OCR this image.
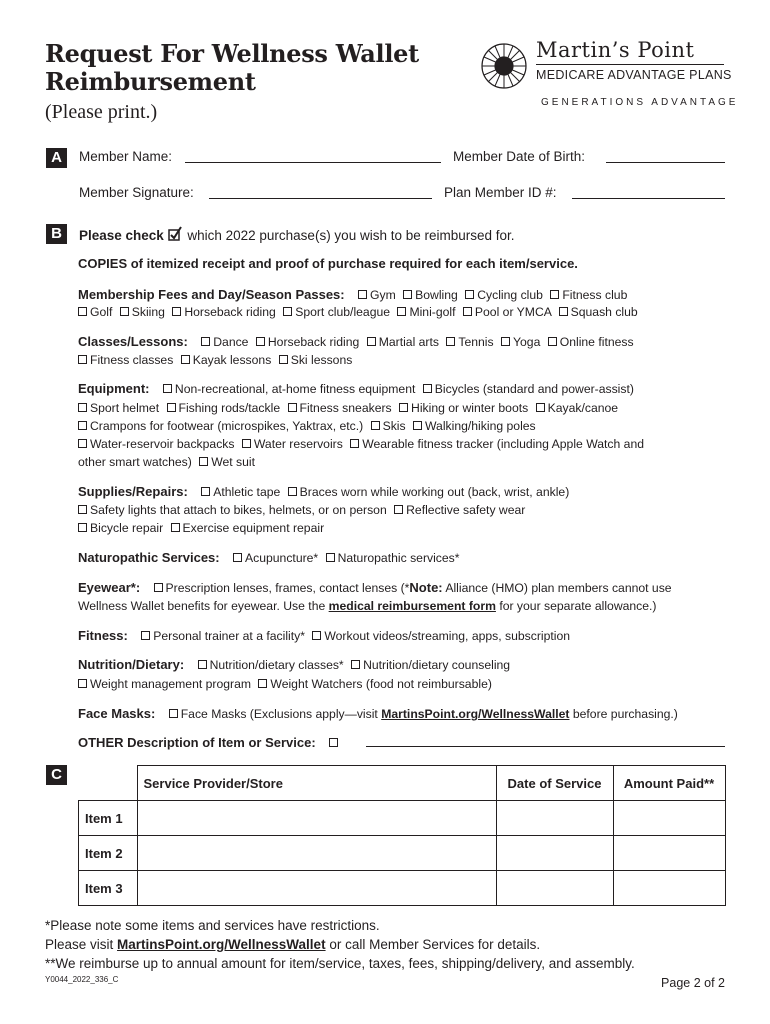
Request For Wellness Wallet
Reimbursement
(Please print.)
Martin’s Point
MEDICARE ADVANTAGE PLANS
GENERATIONS ADVANTAGE
A	Member Name:	Member Date of Birth:
Member Signature:	Plan Member ID #:
B	Please check which 2022 purchase(s) you wish to be reimbursed for.
COPIES of itemized receipt and proof of purchase required for each item/service.
Membership Fees and Day/Season Passes: Gym Bowling Cycling club Fitness club
Golf Skiing Horseback riding Sport club/league Mini-golf Pool or YMCA Squash club
Classes/Lessons: Dance Horseback riding Martial arts Tennis Yoga Online fitness
Fitness classes Kayak lessons Ski lessons
Equipment: Non-recreational, at-home fitness equipment Bicycles (standard and power-assist)
Sport helmet Fishing rods/tackle Fitness sneakers Hiking or winter boots Kayak/canoe
Crampons for footwear (microspikes, Yaktrax, etc.) Skis Walking/hiking poles
Water-reservoir backpacks Water reservoirs Wearable fitness tracker (including Apple Watch and
other smart watches) Wet suit
Supplies/Repairs: Athletic tape Braces worn while working out (back, wrist, ankle)
Safety lights that attach to bikes, helmets, or on person Reflective safety wear
Bicycle repair Exercise equipment repair
Naturopathic Services: Acupuncture* Naturopathic services*
Eyewear*: Prescription lenses, frames, contact lenses (*Note: Alliance (HMO) plan members cannot use
Wellness Wallet benefits for eyewear. Use the medical reimbursement form for your separate allowance.)
Fitness: Personal trainer at a facility* Workout videos/streaming, apps, subscription
Nutrition/Dietary: Nutrition/dietary classes* Nutrition/dietary counseling
Weight management program Weight Watchers (food not reimbursable)
Face Masks: Face Masks (Exclusions apply—visit MartinsPoint.org/WellnessWallet before purchasing.)
OTHER Description of Item or Service:
C
		Service Provider/Store	Date of Service	Amount Paid**
Item 1			
Item 2			
Item 3			
*Please note some items and services have restrictions.
Please visit MartinsPoint.org/WellnessWallet or call Member Services for details.
**We reimburse up to annual amount for item/service, taxes, fees, shipping/delivery, and assembly.
Y0044_2022_336_C	Page 2 of 2
